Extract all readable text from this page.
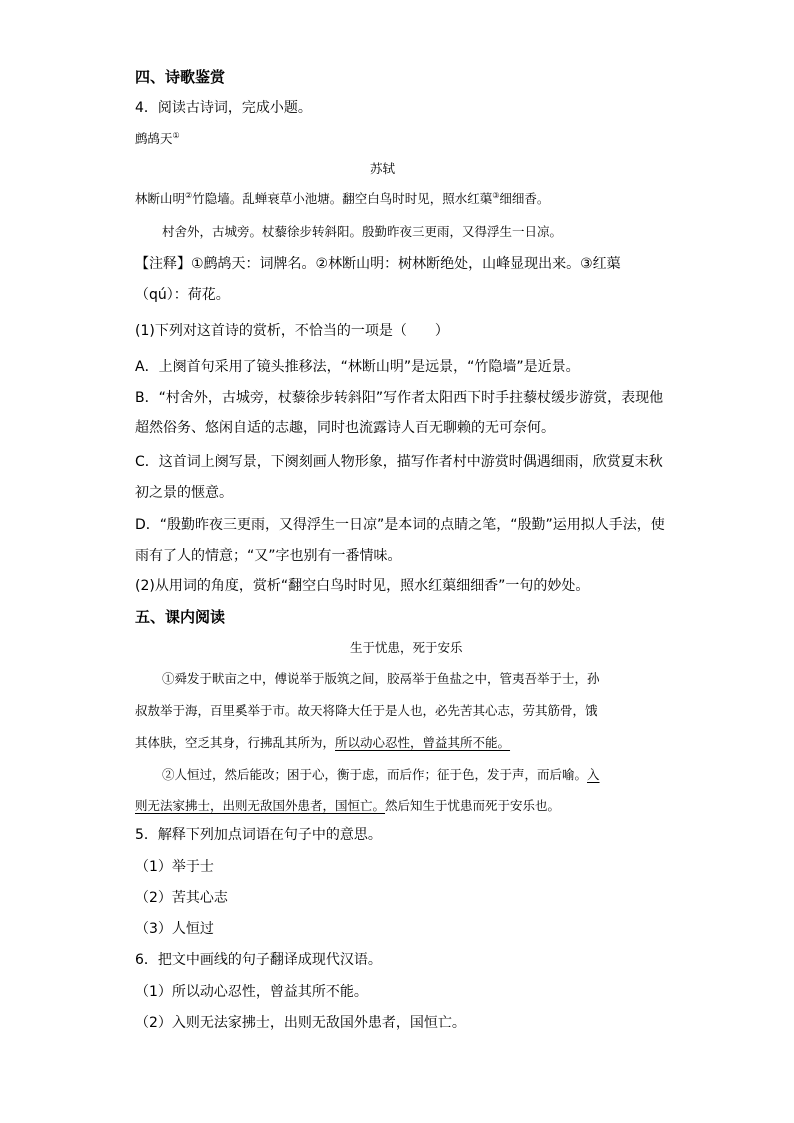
四、诗歌鉴赏
4．阅读古诗词，完成小题。
鹧鸪天①
苏轼
林断山明②竹隐墙。乱蝉衰草小池塘。翻空白鸟时时见，照水红蕖③细细香。
村舍外，古城旁。杖藜徐步转斜阳。殷勤昨夜三更雨，又得浮生一日凉。
【注释】①鹧鸪天：词牌名。②林断山明：树林断绝处，山峰显现出来。③红蕖
（qú）：荷花。
(1)下列对这首诗的赏析，不恰当的一项是（　　）
A．上阕首句采用了镜头推移法，“林断山明”是远景，“竹隐墙”是近景。
B．“村舍外，古城旁，杖藜徐步转斜阳”写作者太阳西下时手拄藜杖缓步游赏，表现他
超然俗务、悠闲自适的志趣，同时也流露诗人百无聊赖的无可奈何。
C．这首词上阕写景，下阕刻画人物形象，描写作者村中游赏时偶遇细雨，欣赏夏末秋
初之景的惬意。
D．“殷勤昨夜三更雨，又得浮生一日凉”是本词的点睛之笔，“殷勤”运用拟人手法，使
雨有了人的情意；“又”字也别有一番情味。
(2)从用词的角度，赏析“翻空白鸟时时见，照水红蕖细细香”一句的妙处。
五、课内阅读
生于忧患，死于安乐
①舜发于畎亩之中，傅说举于版筑之间，胶鬲举于鱼盐之中，管夷吾举于士，孙
叔敖举于海，百里奚举于市。故天将降大任于是人也，必先苦其心志，劳其筋骨，饿
其体肤，空乏其身，行拂乱其所为，所以动心忍性，曾益其所不能。
②人恒过，然后能改；困于心，衡于虑，而后作；征于色，发于声，而后喻。入
则无法家拂士，出则无敌国外患者，国恒亡。然后知生于忧患而死于安乐也。
5．解释下列加点词语在句子中的意思。
（1）举于士
（2）苦其心志
（3）人恒过
6．把文中画线的句子翻译成现代汉语。
（1）所以动心忍性，曾益其所不能。
（2）入则无法家拂士，出则无敌国外患者，国恒亡。
